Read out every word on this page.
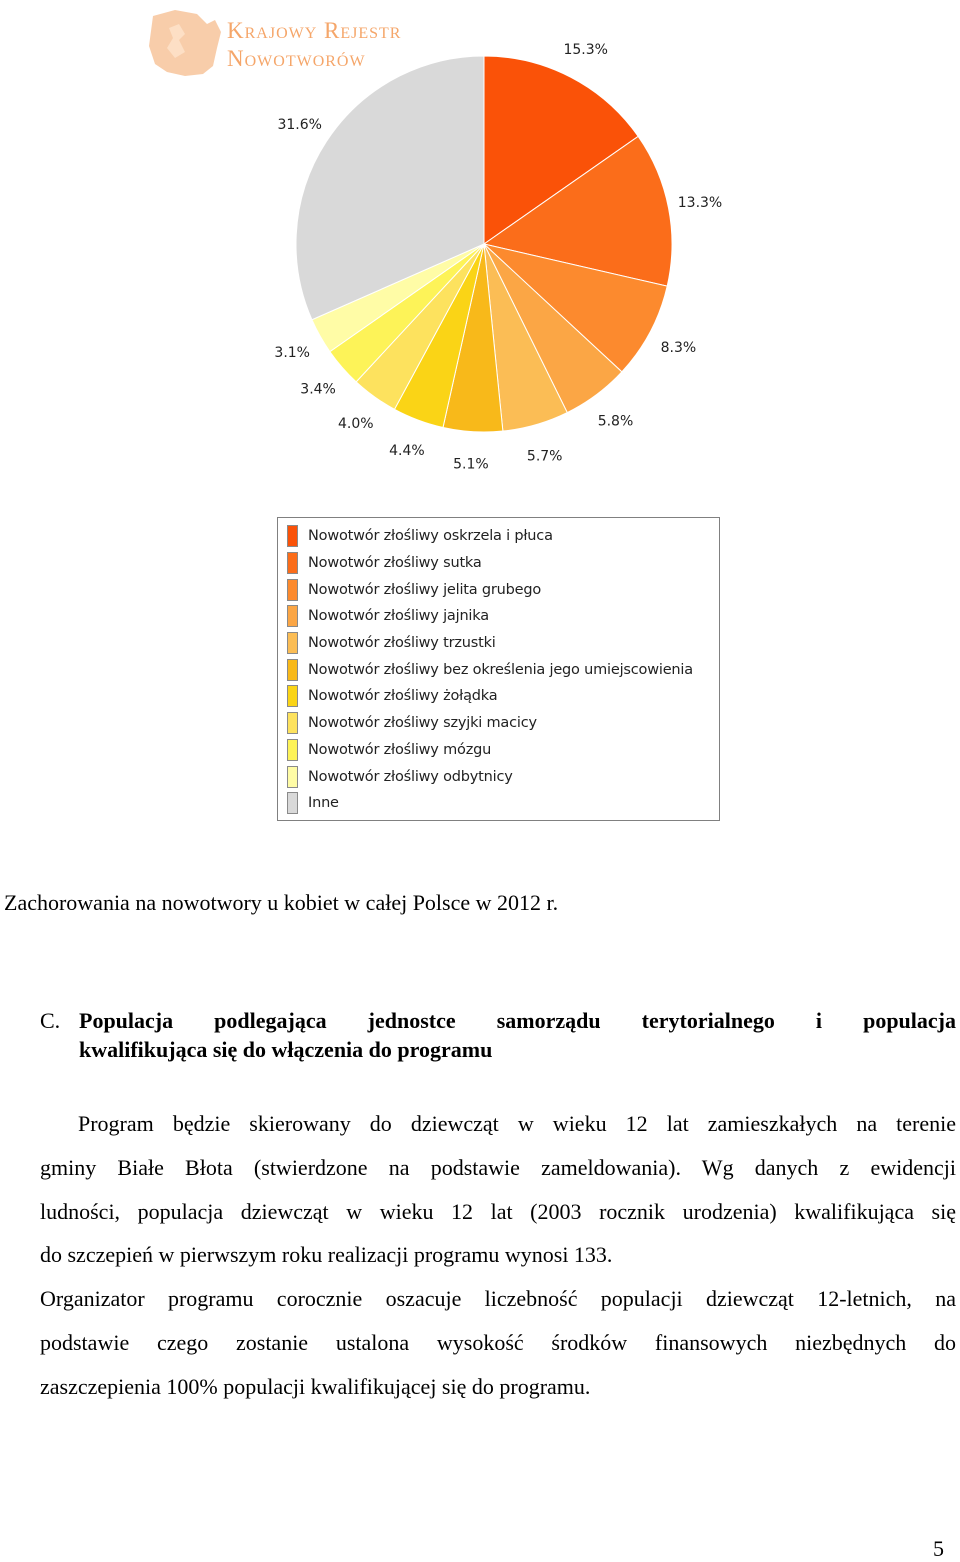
Krajowy Rejestr
Nowotworów	15.3%
13.3%
8.3%
5.8%
5.7%
5.1%
4.4%
4.0%
3.4%
3.1%
31.6%
Nowotwór złośliwy oskrzela i płuca
Nowotwór złośliwy sutka
Nowotwór złośliwy jelita grubego
Nowotwór złośliwy jajnika
Nowotwór złośliwy trzustki
Nowotwór złośliwy bez określenia jego umiejscowienia
Nowotwór złośliwy żołądka
Nowotwór złośliwy szyjki macicy
Nowotwór złośliwy mózgu
Nowotwór złośliwy odbytnicy
Inne
Zachorowania na nowotwory u kobiet w całej Polsce w 2012 r.
C. Populacja podlegająca jednostce samorządu terytorialnego i populacja
kwalifikująca się do włączenia do programu
Program będzie skierowany do dziewcząt w wieku 12 lat zamieszkałych na terenie
gminy Białe Błota (stwierdzone na podstawie zameldowania). Wg danych z ewidencji
ludności, populacja dziewcząt w wieku 12 lat (2003 rocznik urodzenia) kwalifikująca się
do szczepień w pierwszym roku realizacji programu wynosi 133.
Organizator programu corocznie oszacuje liczebność populacji dziewcząt 12-letnich, na
podstawie czego zostanie ustalona wysokość środków finansowych niezbędnych do
zaszczepienia 100% populacji kwalifikującej się do programu.
5
